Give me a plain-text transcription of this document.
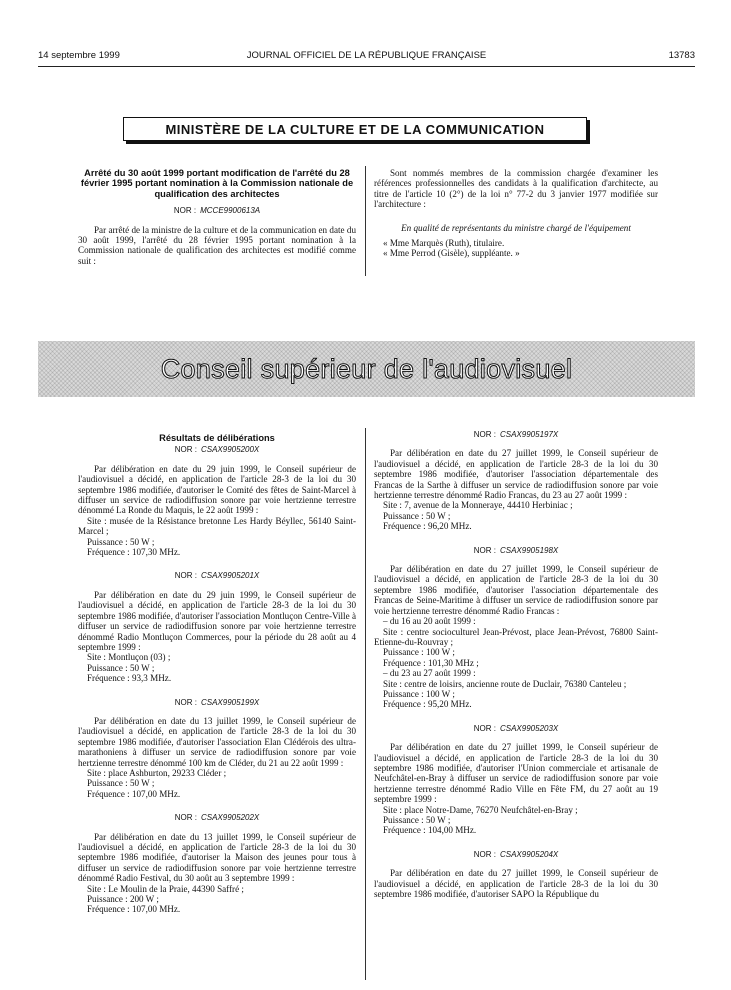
14 septembre 1999	JOURNAL OFFICIEL DE LA RÉPUBLIQUE FRANÇAISE	13783
MINISTÈRE DE LA CULTURE ET DE LA COMMUNICATION

Arrêté du 30 août 1999 portant modification de l'arrêté du 28 février 1995 portant nomination à la Commission nationale de qualification des architectes

NOR : MCCE9900613A

Par arrêté de la ministre de la culture et de la communication en date du 30 août 1999, l'arrêté du 28 février 1995 portant nomination à la Commission nationale de qualification des architectes est modifié comme suit :

Sont nommés membres de la commission chargée d'examiner les références professionnelles des candidats à la qualification d'architecte, au titre de l'article 10 (2°) de la loi n° 77-2 du 3 janvier 1977 modifiée sur l'architecture :

En qualité de représentants du ministre chargé de l'équipement

« Mme Marquès (Ruth), titulaire.

« Mme Perrod (Gisèle), suppléante. »

Conseil supérieur de l'audiovisuel

Résultats de délibérations

NOR : CSAX9905200X

Par délibération en date du 29 juin 1999, le Conseil supérieur de l'audiovisuel a décidé, en application de l'article 28-3 de la loi du 30 septembre 1986 modifiée, d'autoriser le Comité des fêtes de Saint-Marcel à diffuser un service de radiodiffusion sonore par voie hertzienne terrestre dénommé La Ronde du Maquis, le 22 août 1999 :

Site : musée de la Résistance bretonne Les Hardy Béyllec, 56140 Saint-Marcel ;

Puissance : 50 W ;

Fréquence : 107,30 MHz.

NOR : CSAX9905201X

Par délibération en date du 29 juin 1999, le Conseil supérieur de l'audiovisuel a décidé, en application de l'article 28-3 de la loi du 30 septembre 1986 modifiée, d'autoriser l'association Montluçon Centre-Ville à diffuser un service de radiodiffusion sonore par voie hertzienne terrestre dénommé Radio Montluçon Commerces, pour la période du 28 août au 4 septembre 1999 :

Site : Montluçon (03) ;

Puissance : 50 W ;

Fréquence : 93,3 MHz.

NOR : CSAX9905199X

Par délibération en date du 13 juillet 1999, le Conseil supérieur de l'audiovisuel a décidé, en application de l'article 28-3 de la loi du 30 septembre 1986 modifiée, d'autoriser l'association Elan Clédérois des ultra-marathoniens à diffuser un service de radiodiffusion sonore par voie hertzienne terrestre dénommé 100 km de Cléder, du 21 au 22 août 1999 :

Site : place Ashburton, 29233 Cléder ;

Puissance : 50 W ;

Fréquence : 107,00 MHz.

NOR : CSAX9905202X

Par délibération en date du 13 juillet 1999, le Conseil supérieur de l'audiovisuel a décidé, en application de l'article 28-3 de la loi du 30 septembre 1986 modifiée, d'autoriser la Maison des jeunes pour tous à diffuser un service de radiodiffusion sonore par voie hertzienne terrestre dénommé Radio Festival, du 30 août au 3 septembre 1999 :

Site : Le Moulin de la Praie, 44390 Saffré ;

Puissance : 200 W ;

Fréquence : 107,00 MHz.

NOR : CSAX9905197X

Par délibération en date du 27 juillet 1999, le Conseil supérieur de l'audiovisuel a décidé, en application de l'article 28-3 de la loi du 30 septembre 1986 modifiée, d'autoriser l'association départementale des Francas de la Sarthe à diffuser un service de radiodiffusion sonore par voie hertzienne terrestre dénommé Radio Francas, du 23 au 27 août 1999 :

Site : 7, avenue de la Monneraye, 44410 Herbiniac ;

Puissance : 50 W ;

Fréquence : 96,20 MHz.

NOR : CSAX9905198X

Par délibération en date du 27 juillet 1999, le Conseil supérieur de l'audiovisuel a décidé, en application de l'article 28-3 de la loi du 30 septembre 1986 modifiée, d'autoriser l'association départementale des Francas de Seine-Maritime à diffuser un service de radiodiffusion sonore par voie hertzienne terrestre dénommé Radio Francas :

– du 16 au 20 août 1999 :

Site : centre socioculturel Jean-Prévost, place Jean-Prévost, 76800 Saint-Etienne-du-Rouvray ;

Puissance : 100 W ;

Fréquence : 101,30 MHz ;

– du 23 au 27 août 1999 :

Site : centre de loisirs, ancienne route de Duclair, 76380 Canteleu ;

Puissance : 100 W ;

Fréquence : 95,20 MHz.

NOR : CSAX9905203X

Par délibération en date du 27 juillet 1999, le Conseil supérieur de l'audiovisuel a décidé, en application de l'article 28-3 de la loi du 30 septembre 1986 modifiée, d'autoriser l'Union commerciale et artisanale de Neufchâtel-en-Bray à diffuser un service de radiodiffusion sonore par voie hertzienne terrestre dénommé Radio Ville en Fête FM, du 27 août au 19 septembre 1999 :

Site : place Notre-Dame, 76270 Neufchâtel-en-Bray ;

Puissance : 50 W ;

Fréquence : 104,00 MHz.

NOR : CSAX9905204X

Par délibération en date du 27 juillet 1999, le Conseil supérieur de l'audiovisuel a décidé, en application de l'article 28-3 de la loi du 30 septembre 1986 modifiée, d'autoriser SAPO la République du
